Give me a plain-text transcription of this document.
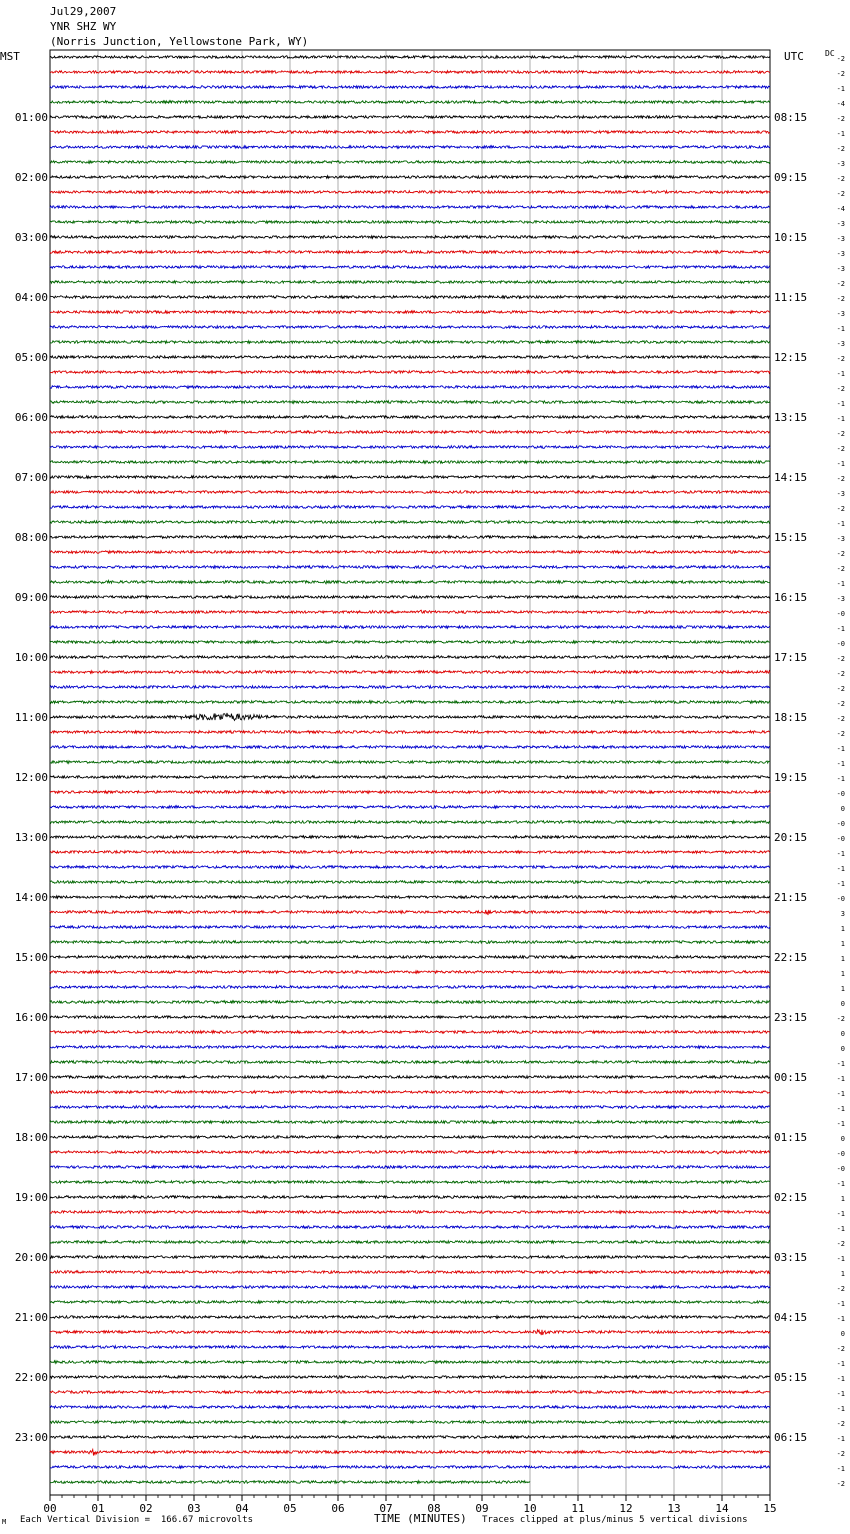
00	01	02	03	04	05	06	07	08	09	10	11	12	13	14	15
-2
-2
-1
-4
-2
-1
-2
-3
-2
-2
-4
-3
-3
-3
-3
-2
-2
-3
-1
-3
-2
-1
-2
-1
-1
-2
-2
-1
-2
-3
-2
-1
-3
-2
-2
-1
-3
-0
-1
-0
-2
-2
-2
-2
-2
-2
-1
-1
-1
-0
0
-0
-0
-1
-1
-1
-0
3
1
1
1
1
1
0
-2
0
0
-1
-1
-1
-1
-1
0
-0
-0
-1
1
-1
-1
-2
-1
1
-2
-1
-1
0
-2
-1
-1
-1
-1
-2
-1
-2
-1
-2
01:00
02:00
03:00
04:00
05:00
06:00
07:00
08:00
09:00
10:00
11:00
12:00
13:00
14:00
15:00
16:00
17:00
18:00
19:00
20:00
21:00
22:00
23:00
08:15
09:15
10:15
11:15
12:15
13:15
14:15
15:15
16:15
17:15
18:15
19:15
20:15
21:15
22:15
23:15
00:15
01:15
02:15
03:15
04:15
05:15
06:15
Jul29,2007
YNR SHZ WY
(Norris Junction, Yellowstone Park, WY)
MST	UTC	DC
M Each Vertical Division =  166.67 microvolts	TIME (MINUTES) Traces clipped at plus/minus 5 vertical divisions
